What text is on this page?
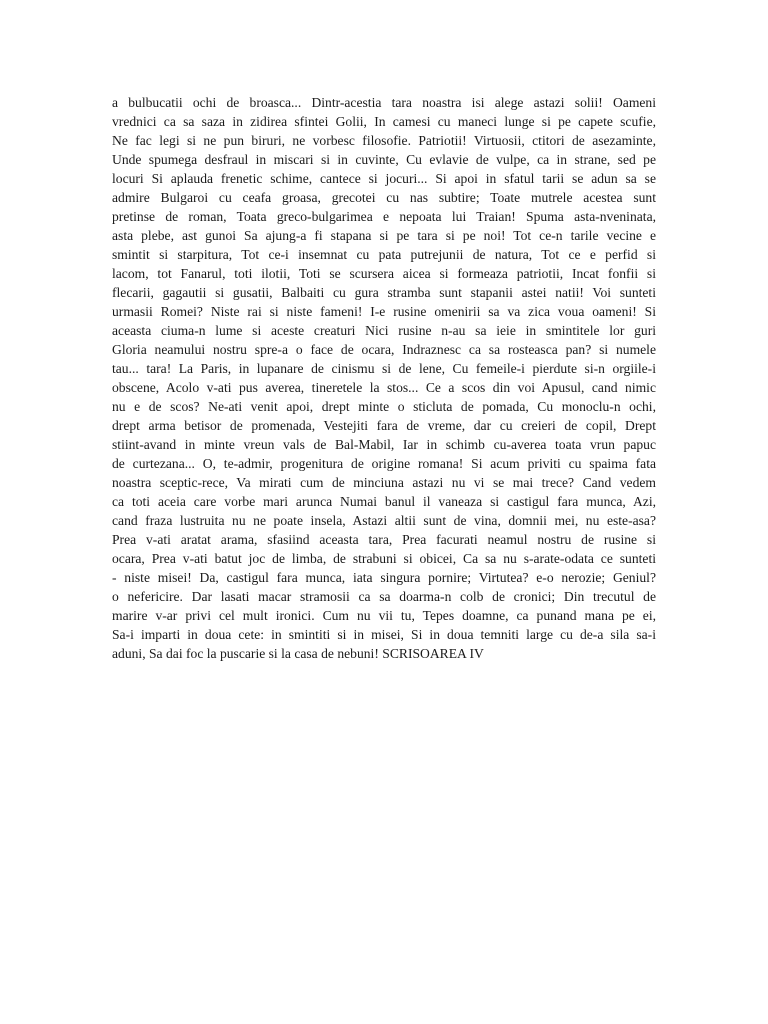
a bulbucatii ochi de broasca... Dintr-acestia tara noastra isi alege astazi solii! Oameni
vrednici ca sa saza in zidirea sfintei Golii, In camesi cu maneci lunge si pe capete scufie,
Ne fac legi si ne pun biruri, ne vorbesc filosofie. Patriotii! Virtuosii, ctitori de asezaminte,
Unde spumega desfraul in miscari si in cuvinte, Cu evlavie de vulpe, ca in strane, sed pe
locuri Si aplauda frenetic schime, cantece si jocuri... Si apoi in sfatul tarii se adun sa se
admire Bulgaroi cu ceafa groasa, grecotei cu nas subtire; Toate mutrele acestea sunt
pretinse de roman, Toata greco-bulgarimea e nepoata lui Traian! Spuma asta-nveninata,
asta plebe, ast gunoi Sa ajung-a fi stapana si pe tara si pe noi! Tot ce-n tarile vecine e
smintit si starpitura, Tot ce-i insemnat cu pata putrejunii de natura, Tot ce e perfid si
lacom, tot Fanarul, toti ilotii, Toti se scursera aicea si formeaza patriotii, Incat fonfii si
flecarii, gagautii si gusatii, Balbaiti cu gura stramba sunt stapanii astei natii! Voi sunteti
urmasii Romei? Niste rai si niste fameni! I-e rusine omenirii sa va zica voua oameni! Si
aceasta ciuma-n lume si aceste creaturi Nici rusine n-au sa ieie in smintitele lor guri
Gloria neamului nostru spre-a o face de ocara, Indraznesc ca sa rosteasca pan? si numele
tau... tara! La Paris, in lupanare de cinismu si de lene, Cu femeile-i pierdute si-n orgiile-i
obscene, Acolo v-ati pus averea, tineretele la stos... Ce a scos din voi Apusul, cand nimic
nu e de scos? Ne-ati venit apoi, drept minte o sticluta de pomada, Cu monoclu-n ochi,
drept arma betisor de promenada, Vestejiti fara de vreme, dar cu creieri de copil, Drept
stiint-avand in minte vreun vals de Bal-Mabil, Iar in schimb cu-averea toata vrun papuc
de curtezana... O, te-admir, progenitura de origine romana! Si acum priviti cu spaima fata
noastra sceptic-rece, Va mirati cum de minciuna astazi nu vi se mai trece? Cand vedem
ca toti aceia care vorbe mari arunca Numai banul il vaneaza si castigul fara munca, Azi,
cand fraza lustruita nu ne poate insela, Astazi altii sunt de vina, domnii mei, nu este-asa?
Prea v-ati aratat arama, sfasiind aceasta tara, Prea facurati neamul nostru de rusine si
ocara, Prea v-ati batut joc de limba, de strabuni si obicei, Ca sa nu s-arate-odata ce sunteti
- niste misei! Da, castigul fara munca, iata singura pornire; Virtutea? e-o nerozie; Geniul?
o nefericire. Dar lasati macar stramosii ca sa doarma-n colb de cronici; Din trecutul de
marire v-ar privi cel mult ironici. Cum nu vii tu, Tepes doamne, ca punand mana pe ei,
Sa-i imparti in doua cete: in smintiti si in misei, Si in doua temniti large cu de-a sila sa-i
aduni, Sa dai foc la puscarie si la casa de nebuni! SCRISOAREA IV
